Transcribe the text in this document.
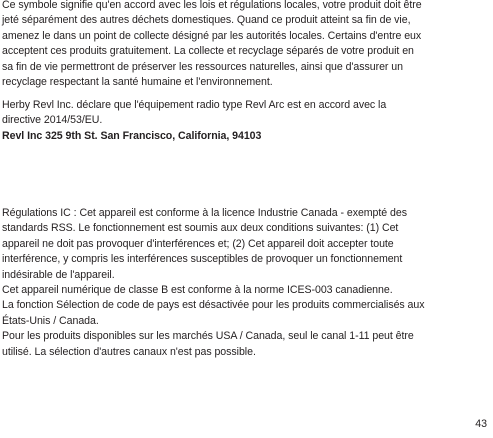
Ce symbole signifie qu'en accord avec les lois et régulations locales, votre produit doit être
jeté séparément des autres déchets domestiques. Quand ce produit atteint sa fin de vie,
amenez le dans un point de collecte désigné par les autorités locales. Certains d'entre eux
acceptent ces produits gratuitement. La collecte et recyclage séparés de votre produit en
sa fin de vie permettront de préserver les ressources naturelles, ainsi que d'assurer un
recyclage respectant la santé humaine et l'environnement.

Herby Revl Inc. déclare que l'équipement radio type Revl Arc est en accord avec la
directive 2014/53/EU.
Revl Inc 325 9th St. San Francisco, California, 94103

Régulations IC : Cet appareil est conforme à la licence Industrie Canada - exempté des
standards RSS. Le fonctionnement est soumis aux deux conditions suivantes: (1) Cet
appareil ne doit pas provoquer d'interférences et; (2) Cet appareil doit accepter toute
interférence, y compris les interférences susceptibles de provoquer un fonctionnement
indésirable de l'appareil.
Cet appareil numérique de classe B est conforme à la norme ICES-003 canadienne.
La fonction Sélection de code de pays est désactivée pour les produits commercialisés aux
États-Unis / Canada.
Pour les produits disponibles sur les marchés USA / Canada, seul le canal 1-11 peut être
utilisé. La sélection d'autres canaux n'est pas possible.

43
